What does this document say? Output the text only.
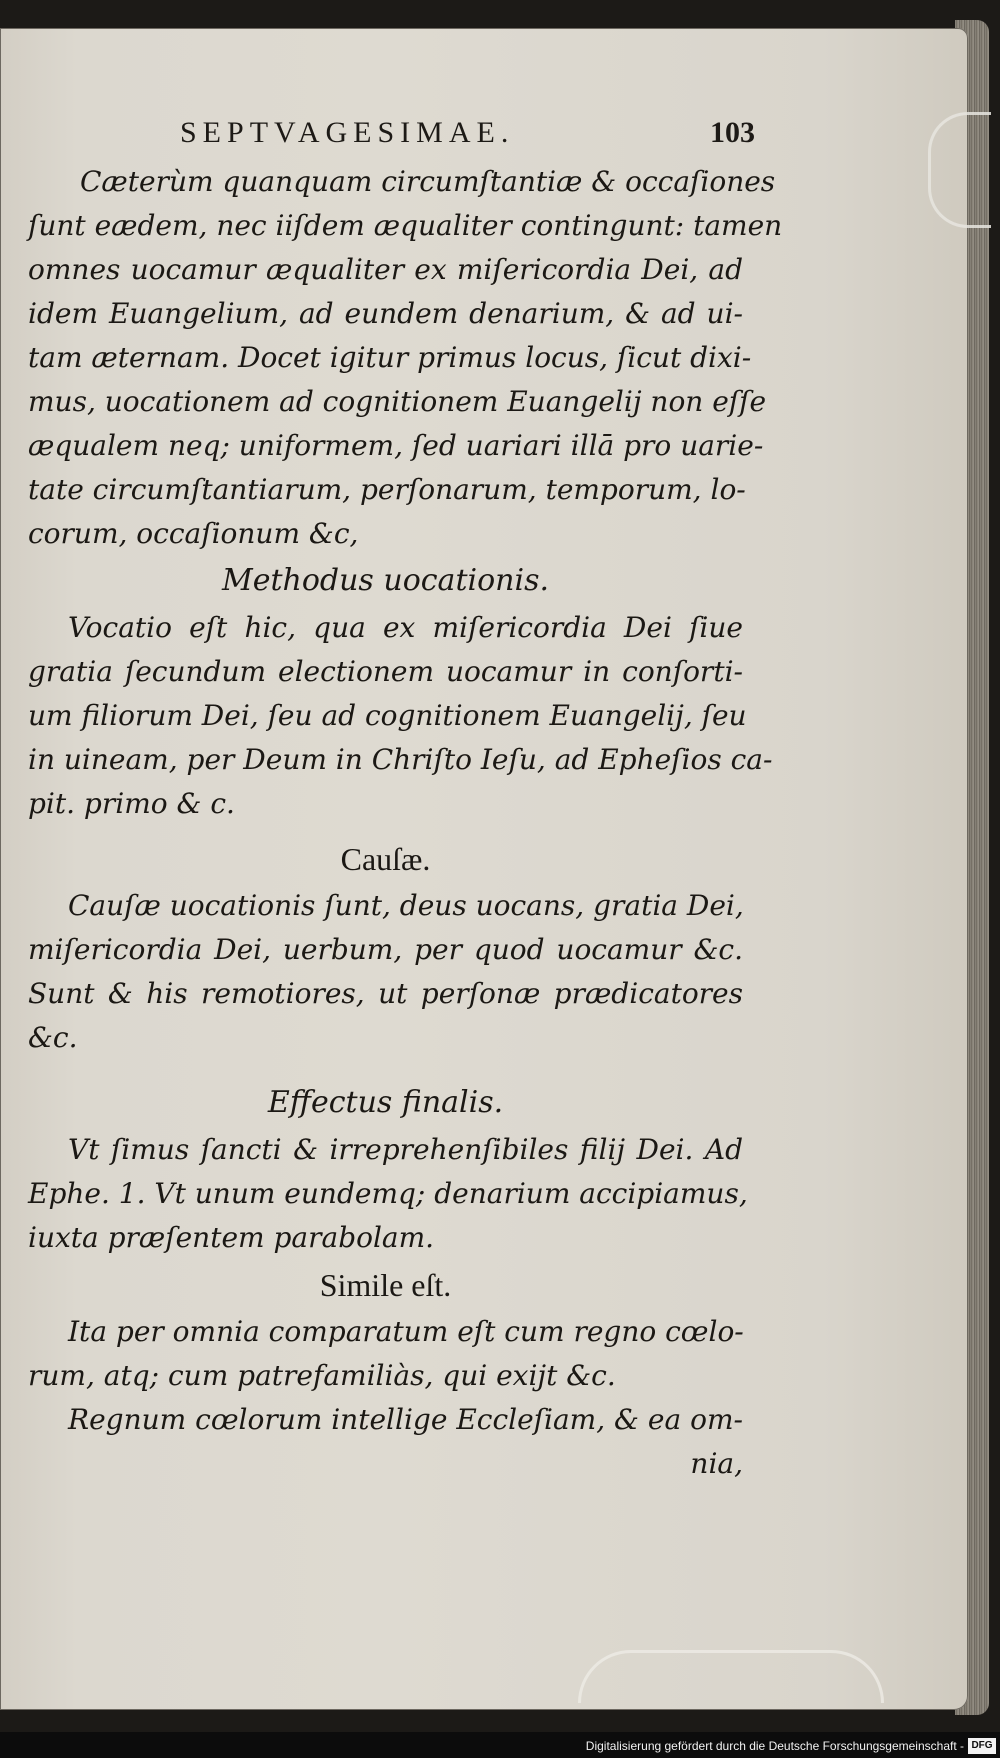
SEPTVAGESIMAE.	103
Cæterùm quanquam circumſtantiæ & occaſiones
ſunt eædem, nec iiſdem æqualiter contingunt: tamen
omnes uocamur æqualiter ex miſericordia Dei, ad
idem Euangelium, ad eundem denarium, & ad ui-
tam æternam. Docet igitur primus locus, ſicut dixi-
mus, uocationem ad cognitionem Euangelij non eſſe
æqualem neq; uniformem, ſed uariari illā pro uarie-
tate circumſtantiarum, perſonarum, temporum, lo-
corum, occaſionum &c,
Methodus uocationis.
Vocatio eſt hic, qua ex miſericordia Dei ſiue
gratia ſecundum electionem uocamur in conſorti-
um filiorum Dei, ſeu ad cognitionem Euangelij, ſeu
in uineam, per Deum in Chriſto Ieſu, ad Epheſios ca-
pit. primo & c.
Cauſæ.
Cauſæ uocationis ſunt, deus uocans, gratia Dei,
miſericordia Dei, uerbum, per quod uocamur &c.
Sunt & his remotiores, ut perſonæ prædicatores
&c.
Effectus finalis.
Vt ſimus ſancti & irreprehenſibiles filij Dei. Ad
Ephe. 1. Vt unum eundemq; denarium accipiamus,
iuxta præſentem parabolam.
Simile eſt.
Ita per omnia comparatum eſt cum regno cœlo-
rum, atq; cum patrefamiliàs, qui exijt &c.
Regnum cœlorum intellige Eccleſiam, & ea om-
nia,
Digitalisierung gefördert durch die Deutsche Forschungsgemeinschaft - DFG
